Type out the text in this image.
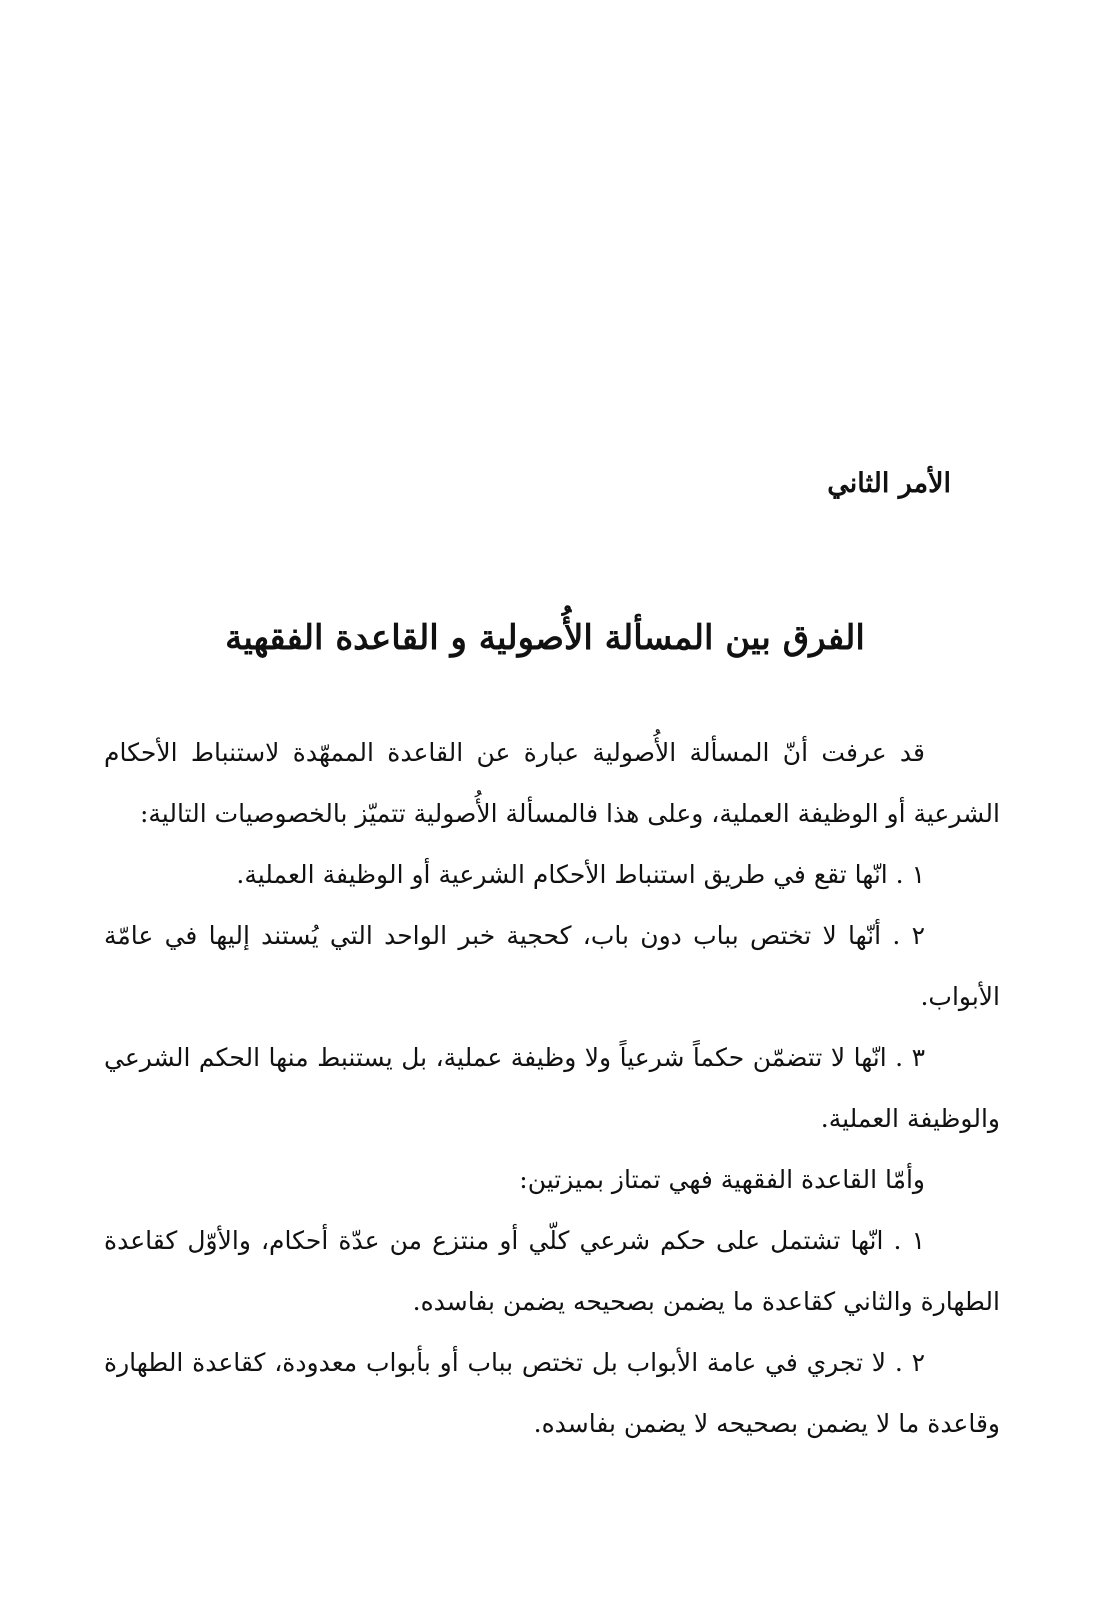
الأمر الثاني
الفرق بين المسألة الأُصولية و القاعدة الفقهية

قد عرفت أنّ المسألة الأُصولية عبارة عن القاعدة الممهّدة لاستنباط الأحكام الشرعية أو الوظيفة العملية، وعلى هذا فالمسألة الأُصولية تتميّز بالخصوصيات التالية:

١ . انّها تقع في طريق استنباط الأحكام الشرعية أو الوظيفة العملية.

٢ . أنّها لا تختص بباب دون باب، كحجية خبر الواحد التي يُستند إليها في عامّة الأبواب.

٣ . انّها لا تتضمّن حكماً شرعياً ولا وظيفة عملية، بل يستنبط منها الحكم الشرعي والوظيفة العملية.

وأمّا القاعدة الفقهية فهي تمتاز بميزتين:

١ . انّها تشتمل على حكم شرعي كلّي أو منتزع من عدّة أحكام، والأوّل كقاعدة الطهارة والثاني كقاعدة ما يضمن بصحيحه يضمن بفاسده.

٢ . لا تجري في عامة الأبواب بل تختص بباب أو بأبواب معدودة، كقاعدة الطهارة وقاعدة ما لا يضمن بصحيحه لا يضمن بفاسده.
